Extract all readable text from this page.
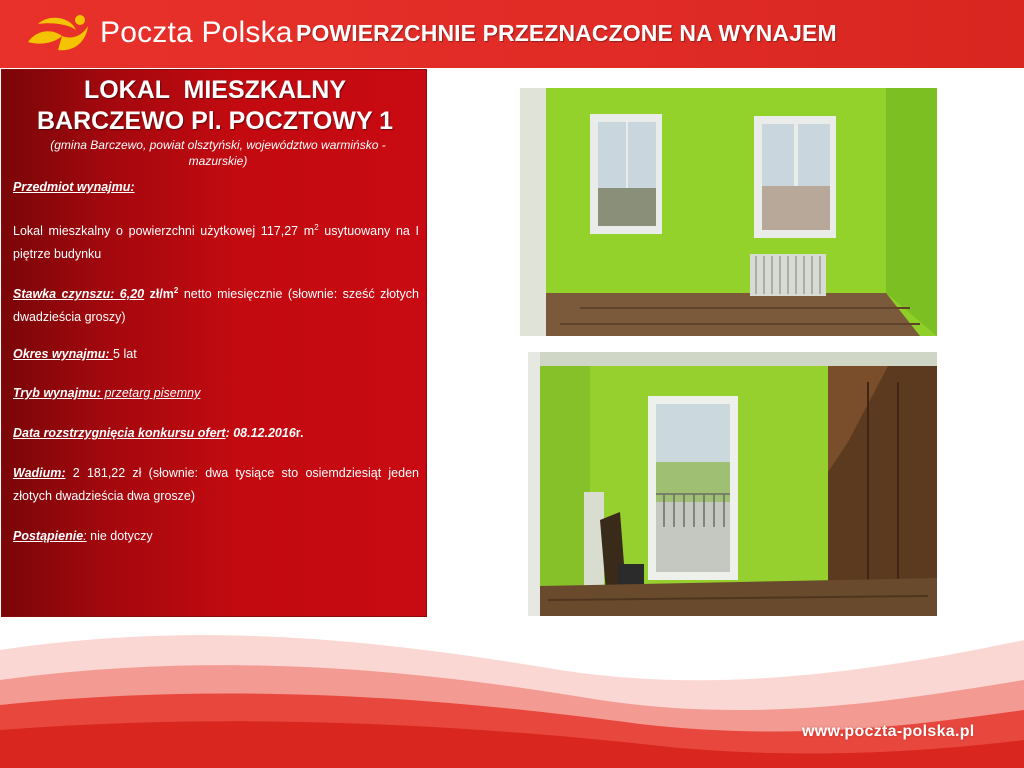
Poczta Polska POWIERZCHNIE PRZEZNACZONE NA WYNAJEM
LOKAL  MIESZKALNY
BARCZEWO Pl. POCZTOWY 1
(gmina Barczewo, powiat olsztyński, województwo warmińsko -
mazurskie)
Przedmiot wynajmu:
Lokal mieszkalny o powierzchni użytkowej 117,27 $m^2$ usytuowany na I piętrze budynku
Stawka czynszu: 6,20 $zł/m^2$ netto miesięcznie (słownie: sześć złotych dwadzieścia groszy)
Okres wynajmu: 5 lat
Tryb wynajmu: przetarg pisemny
Data rozstrzygnięcia konkursu ofert: 08.12.2016r.
Wadium: 2 181,22 zł (słownie: dwa tysiące sto osiemdziesiąt jeden złotych dwadzieścia dwa grosze)
Postąpienie: nie dotyczy
www.poczta-polska.pl
